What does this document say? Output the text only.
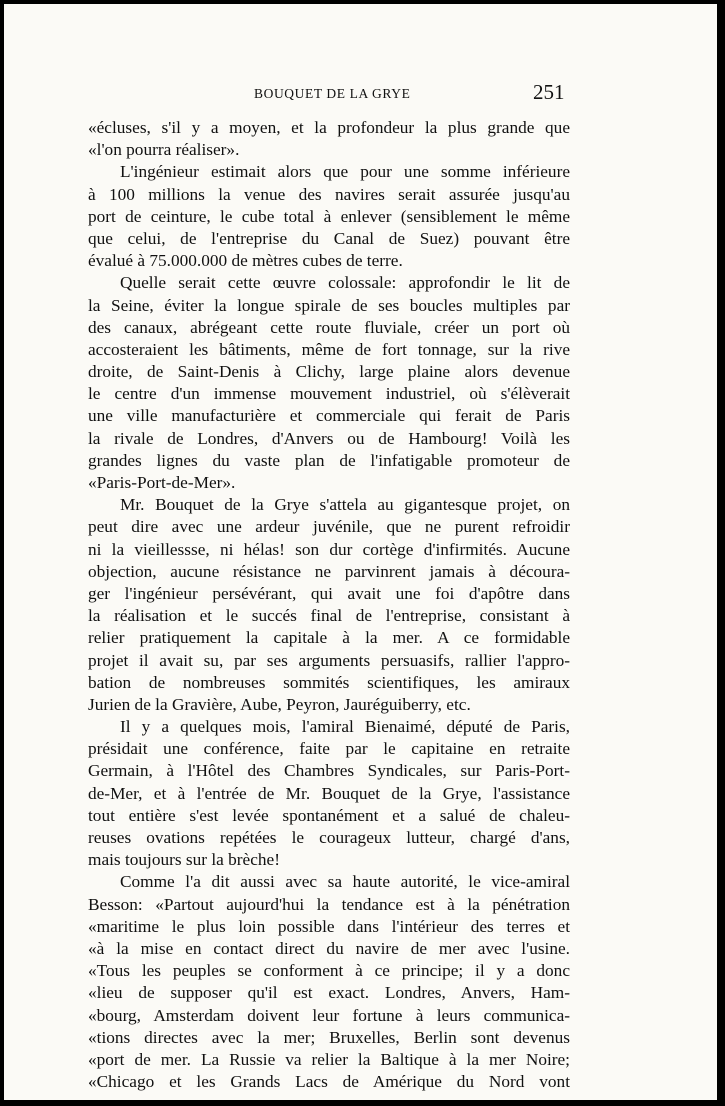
BOUQUET DE LA GRYE	251
«écluses, s'il y a moyen, et la profondeur la plus grande que
«l'on pourra réaliser».
L'ingénieur estimait alors que pour une somme inférieure
à 100 millions la venue des navires serait assurée jusqu'au
port de ceinture, le cube total à enlever (sensiblement le même
que celui, de l'entreprise du Canal de Suez) pouvant être
évalué à 75.000.000 de mètres cubes de terre.
Quelle serait cette œuvre colossale: approfondir le lit de
la Seine, éviter la longue spirale de ses boucles multiples par
des canaux, abrégeant cette route fluviale, créer un port où
accosteraient les bâtiments, même de fort tonnage, sur la rive
droite, de Saint-Denis à Clichy, large plaine alors devenue
le centre d'un immense mouvement industriel, où s'élèverait
une ville manufacturière et commerciale qui ferait de Paris
la rivale de Londres, d'Anvers ou de Hambourg! Voilà les
grandes lignes du vaste plan de l'infatigable promoteur de
«Paris-Port-de-Mer».
Mr. Bouquet de la Grye s'attela au gigantesque projet, on
peut dire avec une ardeur juvénile, que ne purent refroidir
ni la vieillessse, ni hélas! son dur cortège d'infirmités. Aucune
objection, aucune résistance ne parvinrent jamais à découra-
ger l'ingénieur persévérant, qui avait une foi d'apôtre dans
la réalisation et le succés final de l'entreprise, consistant à
relier pratiquement la capitale à la mer. A ce formidable
projet il avait su, par ses arguments persuasifs, rallier l'appro-
bation de nombreuses sommités scientifiques, les amiraux
Jurien de la Gravière, Aube, Peyron, Jauréguiberry, etc.
Il y a quelques mois, l'amiral Bienaimé, député de Paris,
présidait une conférence, faite par le capitaine en retraite
Germain, à l'Hôtel des Chambres Syndicales, sur Paris-Port-
de-Mer, et à l'entrée de Mr. Bouquet de la Grye, l'assistance
tout entière s'est levée spontanément et a salué de chaleu-
reuses ovations repétées le courageux lutteur, chargé d'ans,
mais toujours sur la brèche!
Comme l'a dit aussi avec sa haute autorité, le vice-amiral
Besson: «Partout aujourd'hui la tendance est à la pénétration
«maritime le plus loin possible dans l'intérieur des terres et
«à la mise en contact direct du navire de mer avec l'usine.
«Tous les peuples se conforment à ce principe; il y a donc
«lieu de supposer qu'il est exact. Londres, Anvers, Ham-
«bourg, Amsterdam doivent leur fortune à leurs communica-
«tions directes avec la mer; Bruxelles, Berlin sont devenus
«port de mer. La Russie va relier la Baltique à la mer Noire;
«Chicago et les Grands Lacs de Amérique du Nord vont
